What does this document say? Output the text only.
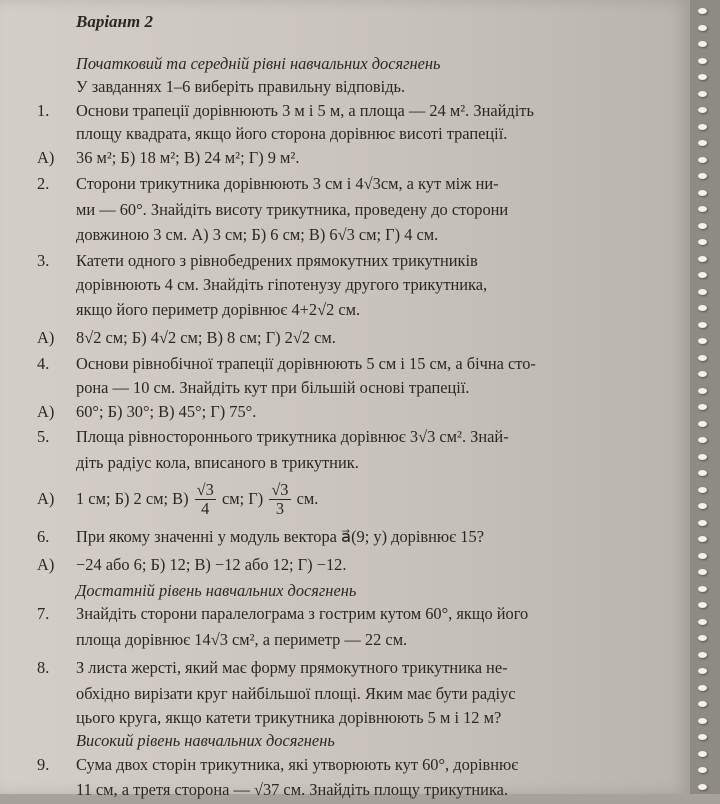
Варіант 2
Початковий та середній рівні навчальних досягнень
У завданнях 1–6 виберіть правильну відповідь.
1. Основи трапеції дорівнюють 3 м і 5 м, а площа — 24 м². Знайдіть
площу квадрата, якщо його сторона дорівнює висоті трапеції.
А) 36 м²; Б) 18 м²; В) 24 м²; Г) 9 м².
2. Сторони трикутника дорівнюють 3 см і 4√3см, а кут між ни-
ми — 60°. Знайдіть висоту трикутника, проведену до сторони
довжиною 3 см. А) 3 см; Б) 6 см; В) 6√3 см; Г) 4 см.
3. Катети одного з рівнобедрених прямокутних трикутників
дорівнюють 4 см. Знайдіть гіпотенузу другого трикутника,
якщо його периметр дорівнює 4+2√2 см.
А) 8√2 см; Б) 4√2 см; В) 8 см; Г) 2√2 см.
4. Основи рівнобічної трапеції дорівнюють 5 см і 15 см, а бічна сто-
рона — 10 см. Знайдіть кут при більшій основі трапеції.
А) 60°; Б) 30°; В) 45°; Г) 75°.
5. Площа рівностороннього трикутника дорівнює 3√3 см². Знай-
діть радіус кола, вписаного в трикутник.
А) 1 см; Б) 2 см; $В) \frac{√3}{4}$ см; $Г) \frac{√3}{3}$ см.
6. При якому значенні y модуль вектора a⃗(9; y) дорівнює 15?
А) −24 або 6; Б) 12; В) −12 або 12; Г) −12.
Достатній рівень навчальних досягнень
7. Знайдіть сторони паралелограма з гострим кутом 60°, якщо його
площа дорівнює 14√3 см², а периметр — 22 см.
8. З листа жерсті, який має форму прямокутного трикутника не-
обхідно вирізати круг найбільшої площі. Яким має бути радіус
цього круга, якщо катети трикутника дорівнюють 5 м і 12 м?
Високий рівень навчальних досягнень
9. Сума двох сторін трикутника, які утворюють кут 60°, дорівнює
11 см, а третя сторона — √37 см. Знайдіть площу трикутника.
